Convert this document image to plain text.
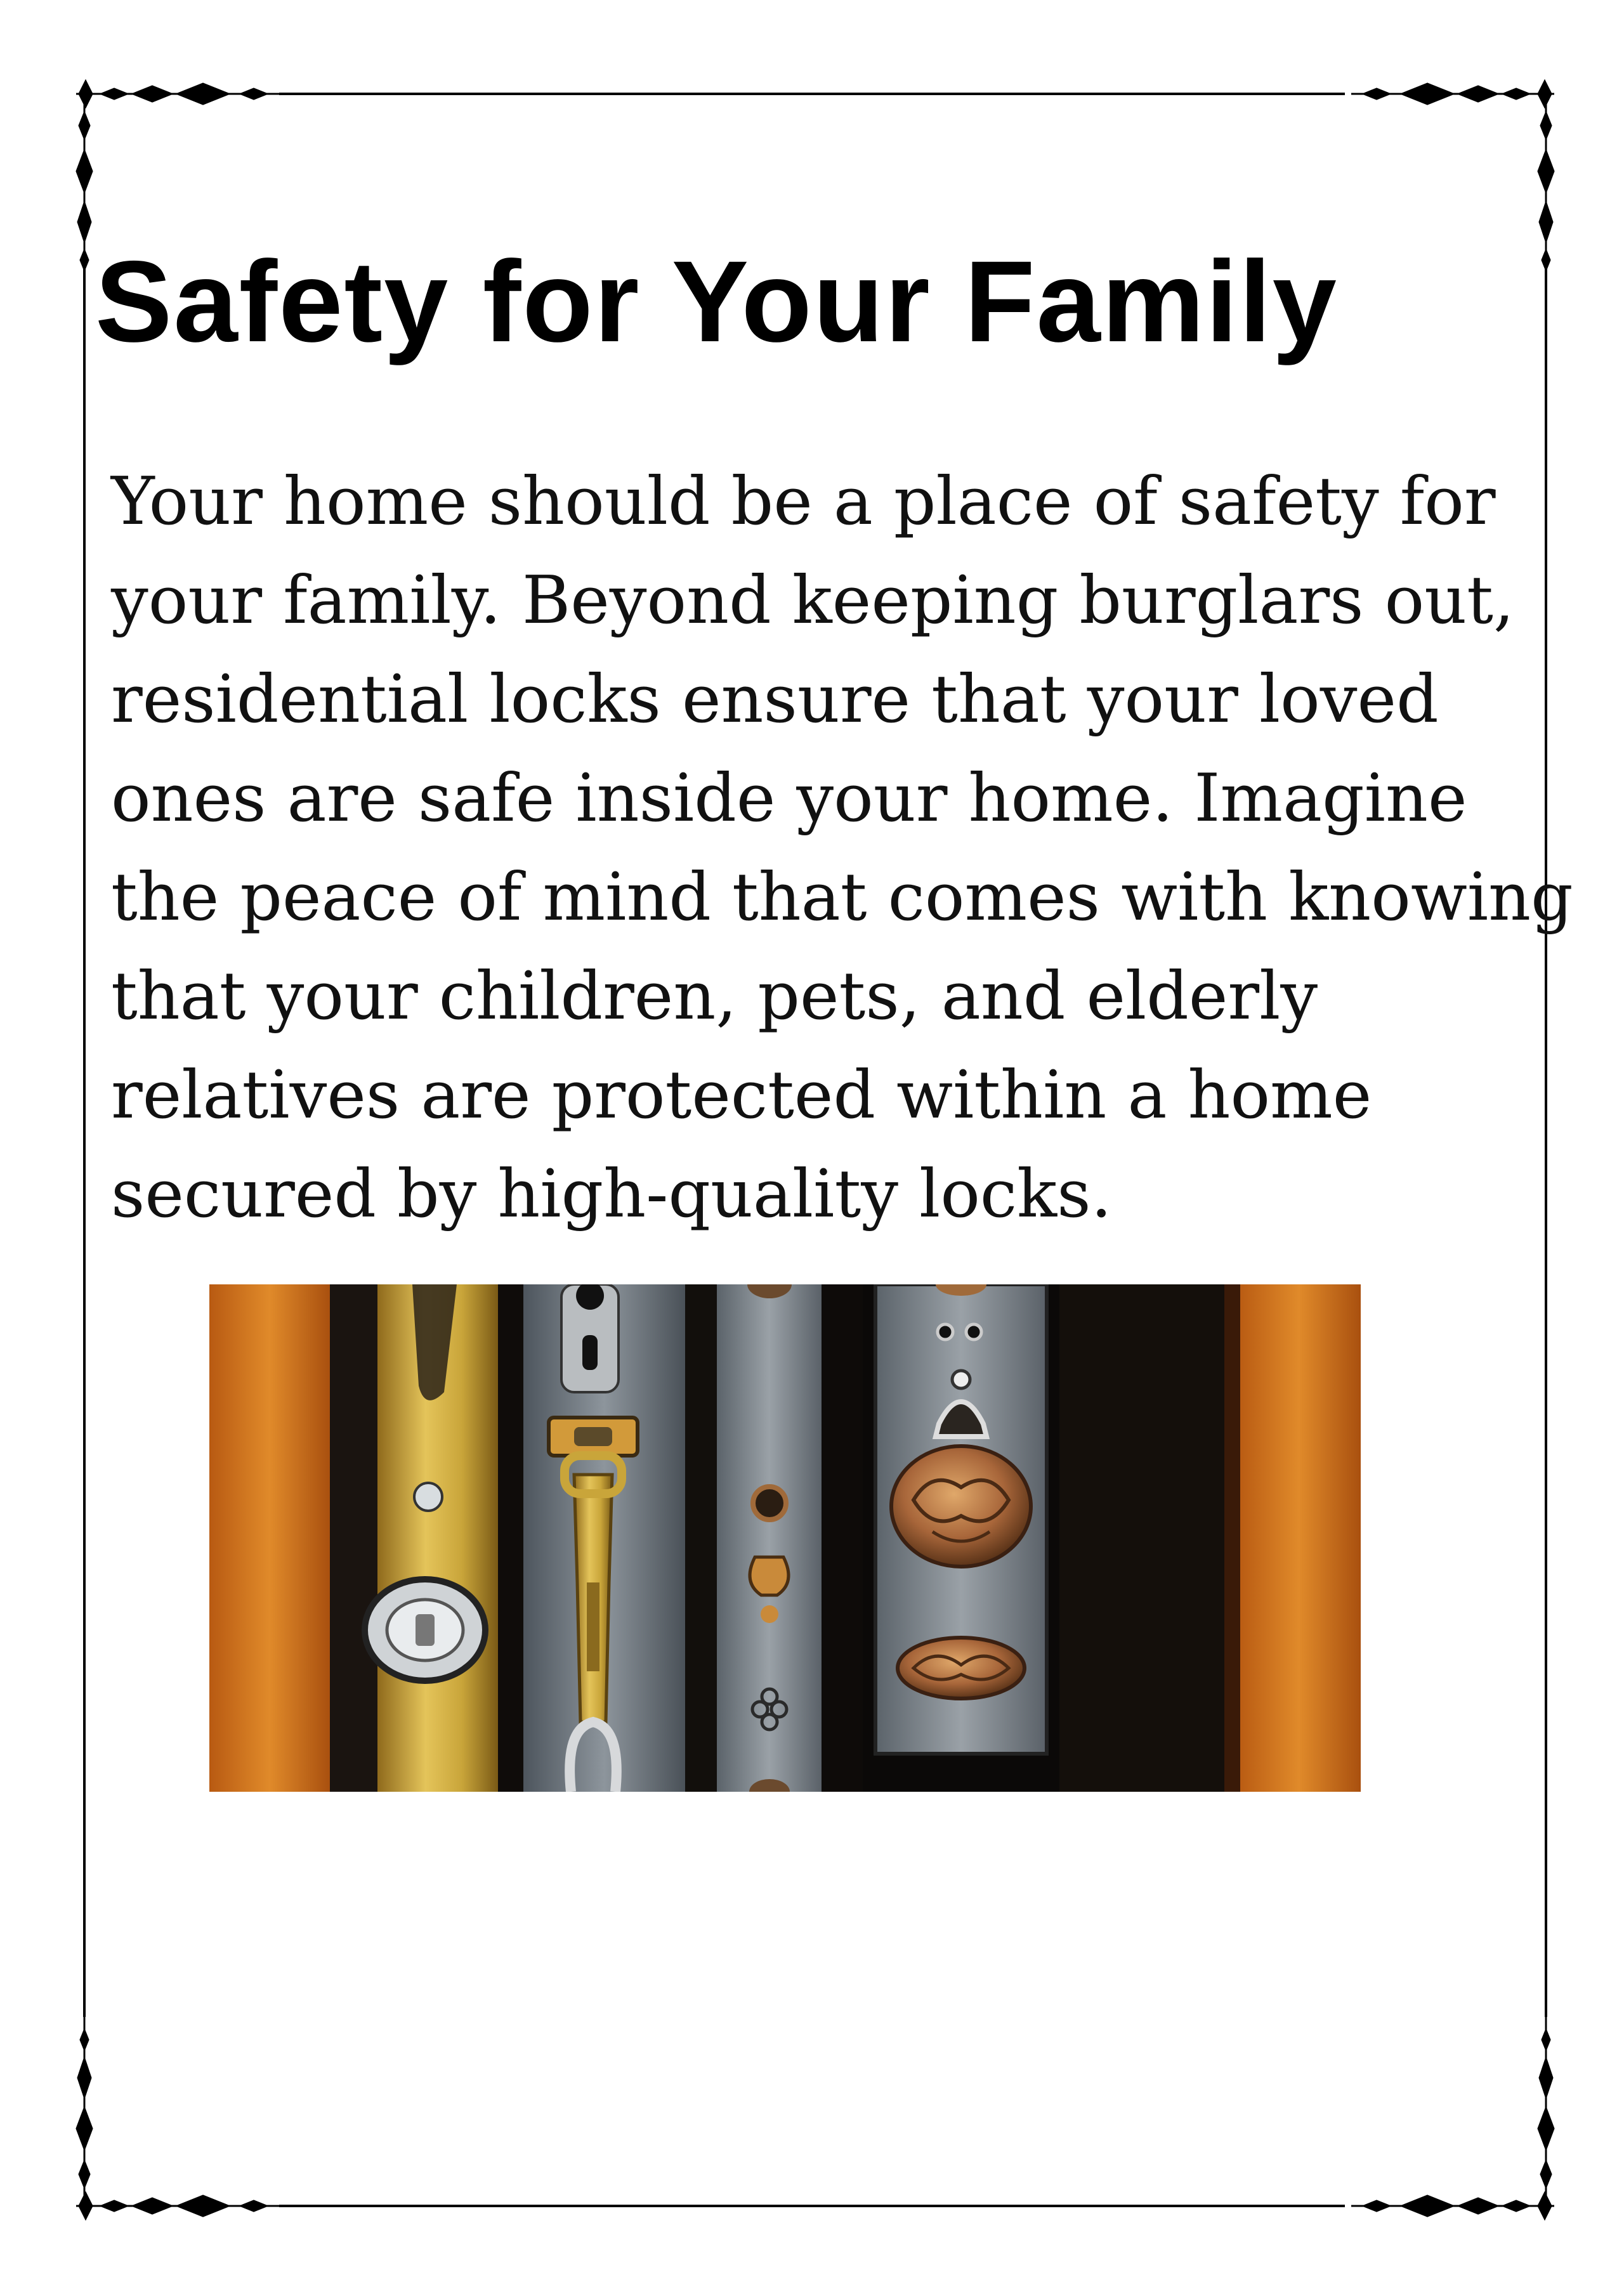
Safety for Your Family

Your home should be a place of safety for
your family. Beyond keeping burglars out,
residential locks ensure that your loved
ones are safe inside your home. Imagine
the peace of mind that comes with knowing
that your children, pets, and elderly
relatives are protected within a home
secured by high-quality locks.
